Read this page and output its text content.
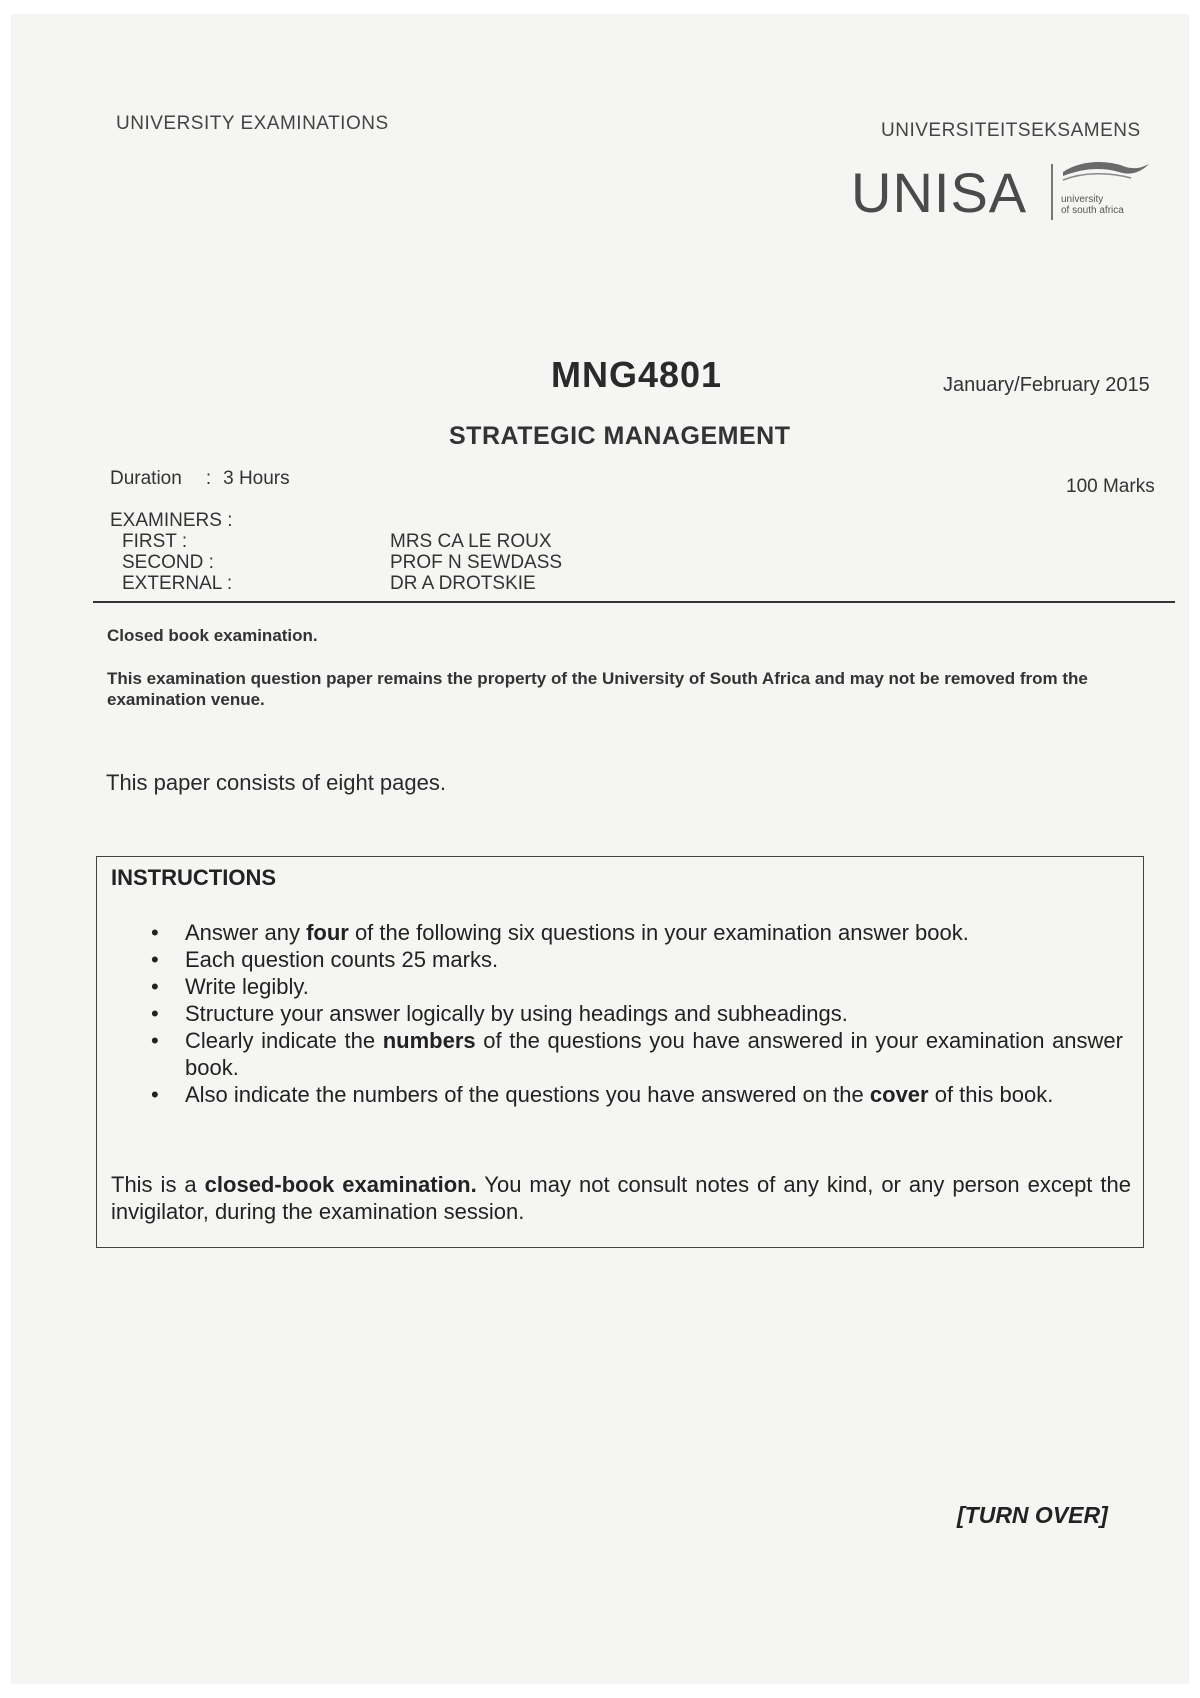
UNIVERSITY EXAMINATIONS	UNIVERSITEITSEKSAMENS
UNISA	university
of south africa
MNG4801	January/February 2015
STRATEGIC MANAGEMENT
Duration : 3 Hours	100 Marks
EXAMINERS :
FIRST :	MRS CA LE ROUX
SECOND :	PROF N SEWDASS
EXTERNAL :	DR A DROTSKIE
Closed book examination.
This examination question paper remains the property of the University of South Africa and may not be removed from the examination venue.
This paper consists of eight pages.
INSTRUCTIONS
• Answer any four of the following six questions in your examination answer book.
• Each question counts 25 marks.
• Write legibly.
• Structure your answer logically by using headings and subheadings.
• Clearly indicate the numbers of the questions you have answered in your examination answer book.
• Also indicate the numbers of the questions you have answered on the cover of this book.
This is a closed-book examination. You may not consult notes of any kind, or any person except the invigilator, during the examination session.
[TURN OVER]
